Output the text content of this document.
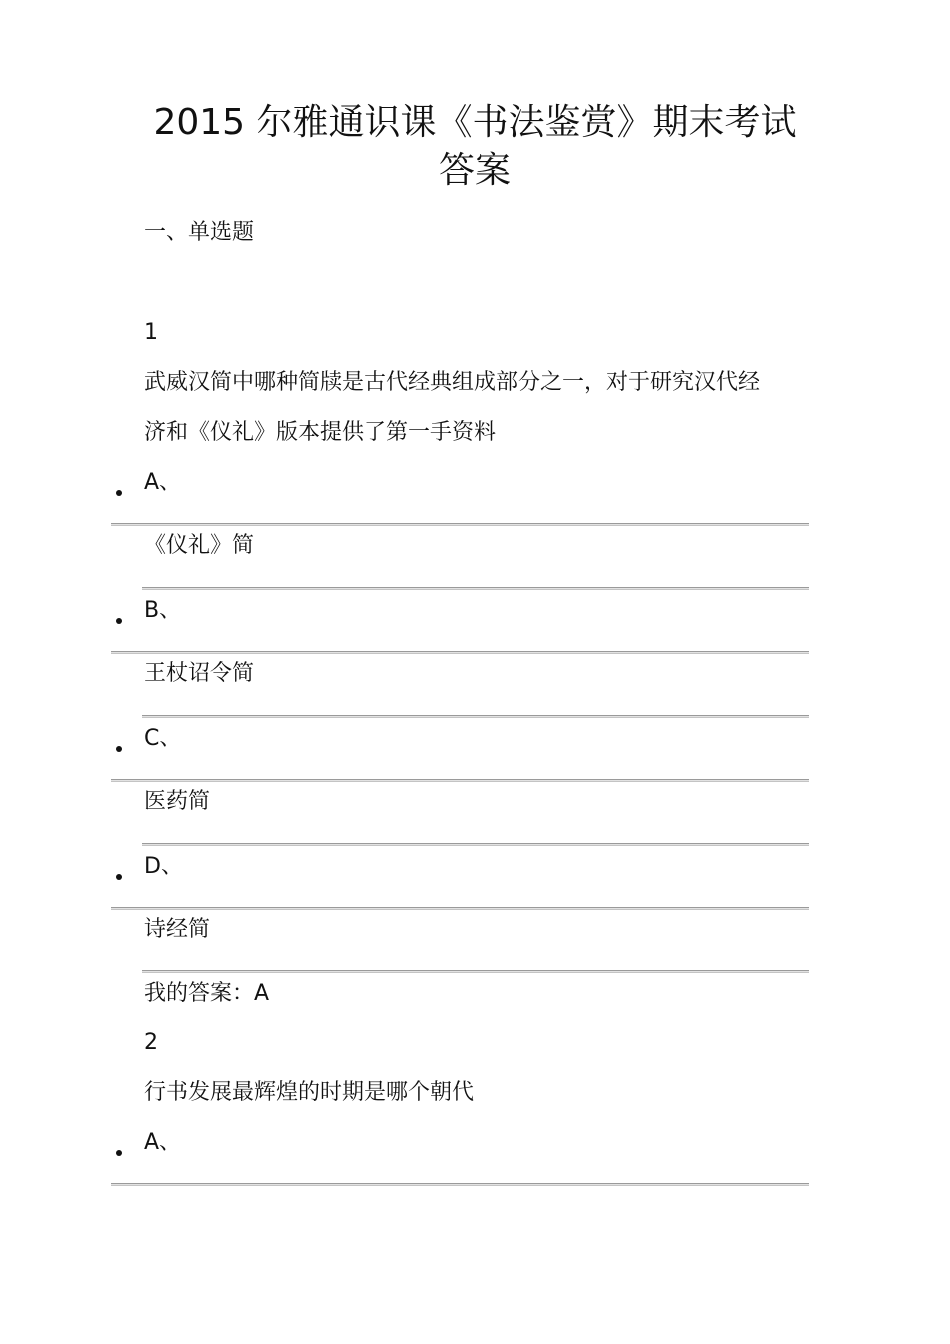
2015 尔雅通识课《书法鉴赏》期末考试
答案
一、单选题
1
武威汉简中哪种简牍是古代经典组成部分之一，对于研究汉代经
济和《仪礼》版本提供了第一手资料
A、
《仪礼》简
B、
王杖诏令简
C、
医药简
D、
诗经简
我的答案：A
2
行书发展最辉煌的时期是哪个朝代
A、
